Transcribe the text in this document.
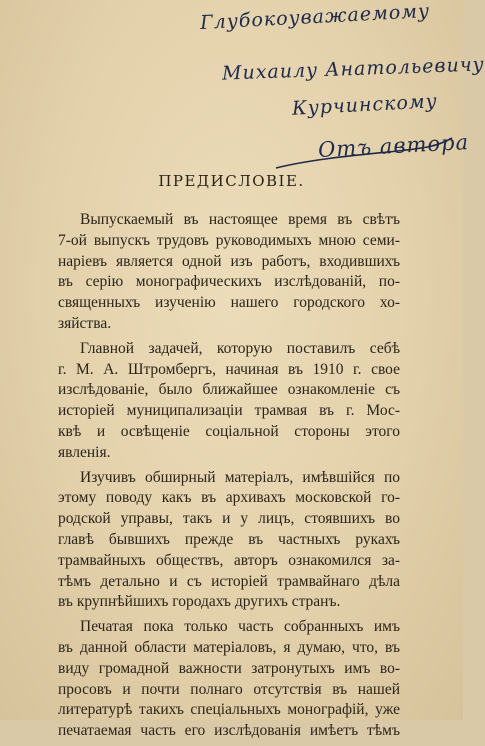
Глубокоуважаемому
Михаилу Анатольевичу
Курчинскому
Отъ автора
ПРЕДИСЛОВIЕ.
Выпускаемый въ настоящее время въ свѣтъ
7-ой выпускъ трудовъ руководимыхъ мною семи-
нарiевъ является одной изъ работъ, входившихъ
въ серiю монографическихъ изслѣдованiй, по-
священныхъ изученiю нашего городского хо-
зяйства.
Главной задачей, которую поставилъ себѣ
г. М. А. Штромбергъ, начиная въ 1910 г. свое
изслѣдованiе, было ближайшее ознакомленiе съ
исторiей муниципализацiи трамвая въ г. Мос-
квѣ и освѣщенiе соцiальной стороны этого
явленiя.
Изучивъ обширный матерiалъ, имѣвшiйся по
этому поводу какъ въ архивахъ московской го-
родской управы, такъ и у лицъ, стоявшихъ во
главѣ бывшихъ прежде въ частныхъ рукахъ
трамвайныхъ обществъ, авторъ ознакомился за-
тѣмъ детально и съ исторiей трамвайнаго дѣла
въ крупнѣйшихъ городахъ другихъ странъ.
Печатая пока только часть собранныхъ имъ
въ данной области матерiаловъ, я думаю, что, въ
виду громадной важности затронутыхъ имъ во-
просовъ и почти полнаго отсутствiя въ нашей
литературѣ такихъ спецiальныхъ монографiй, уже
печатаемая часть его изслѣдованiя имѣетъ тѣмъ
